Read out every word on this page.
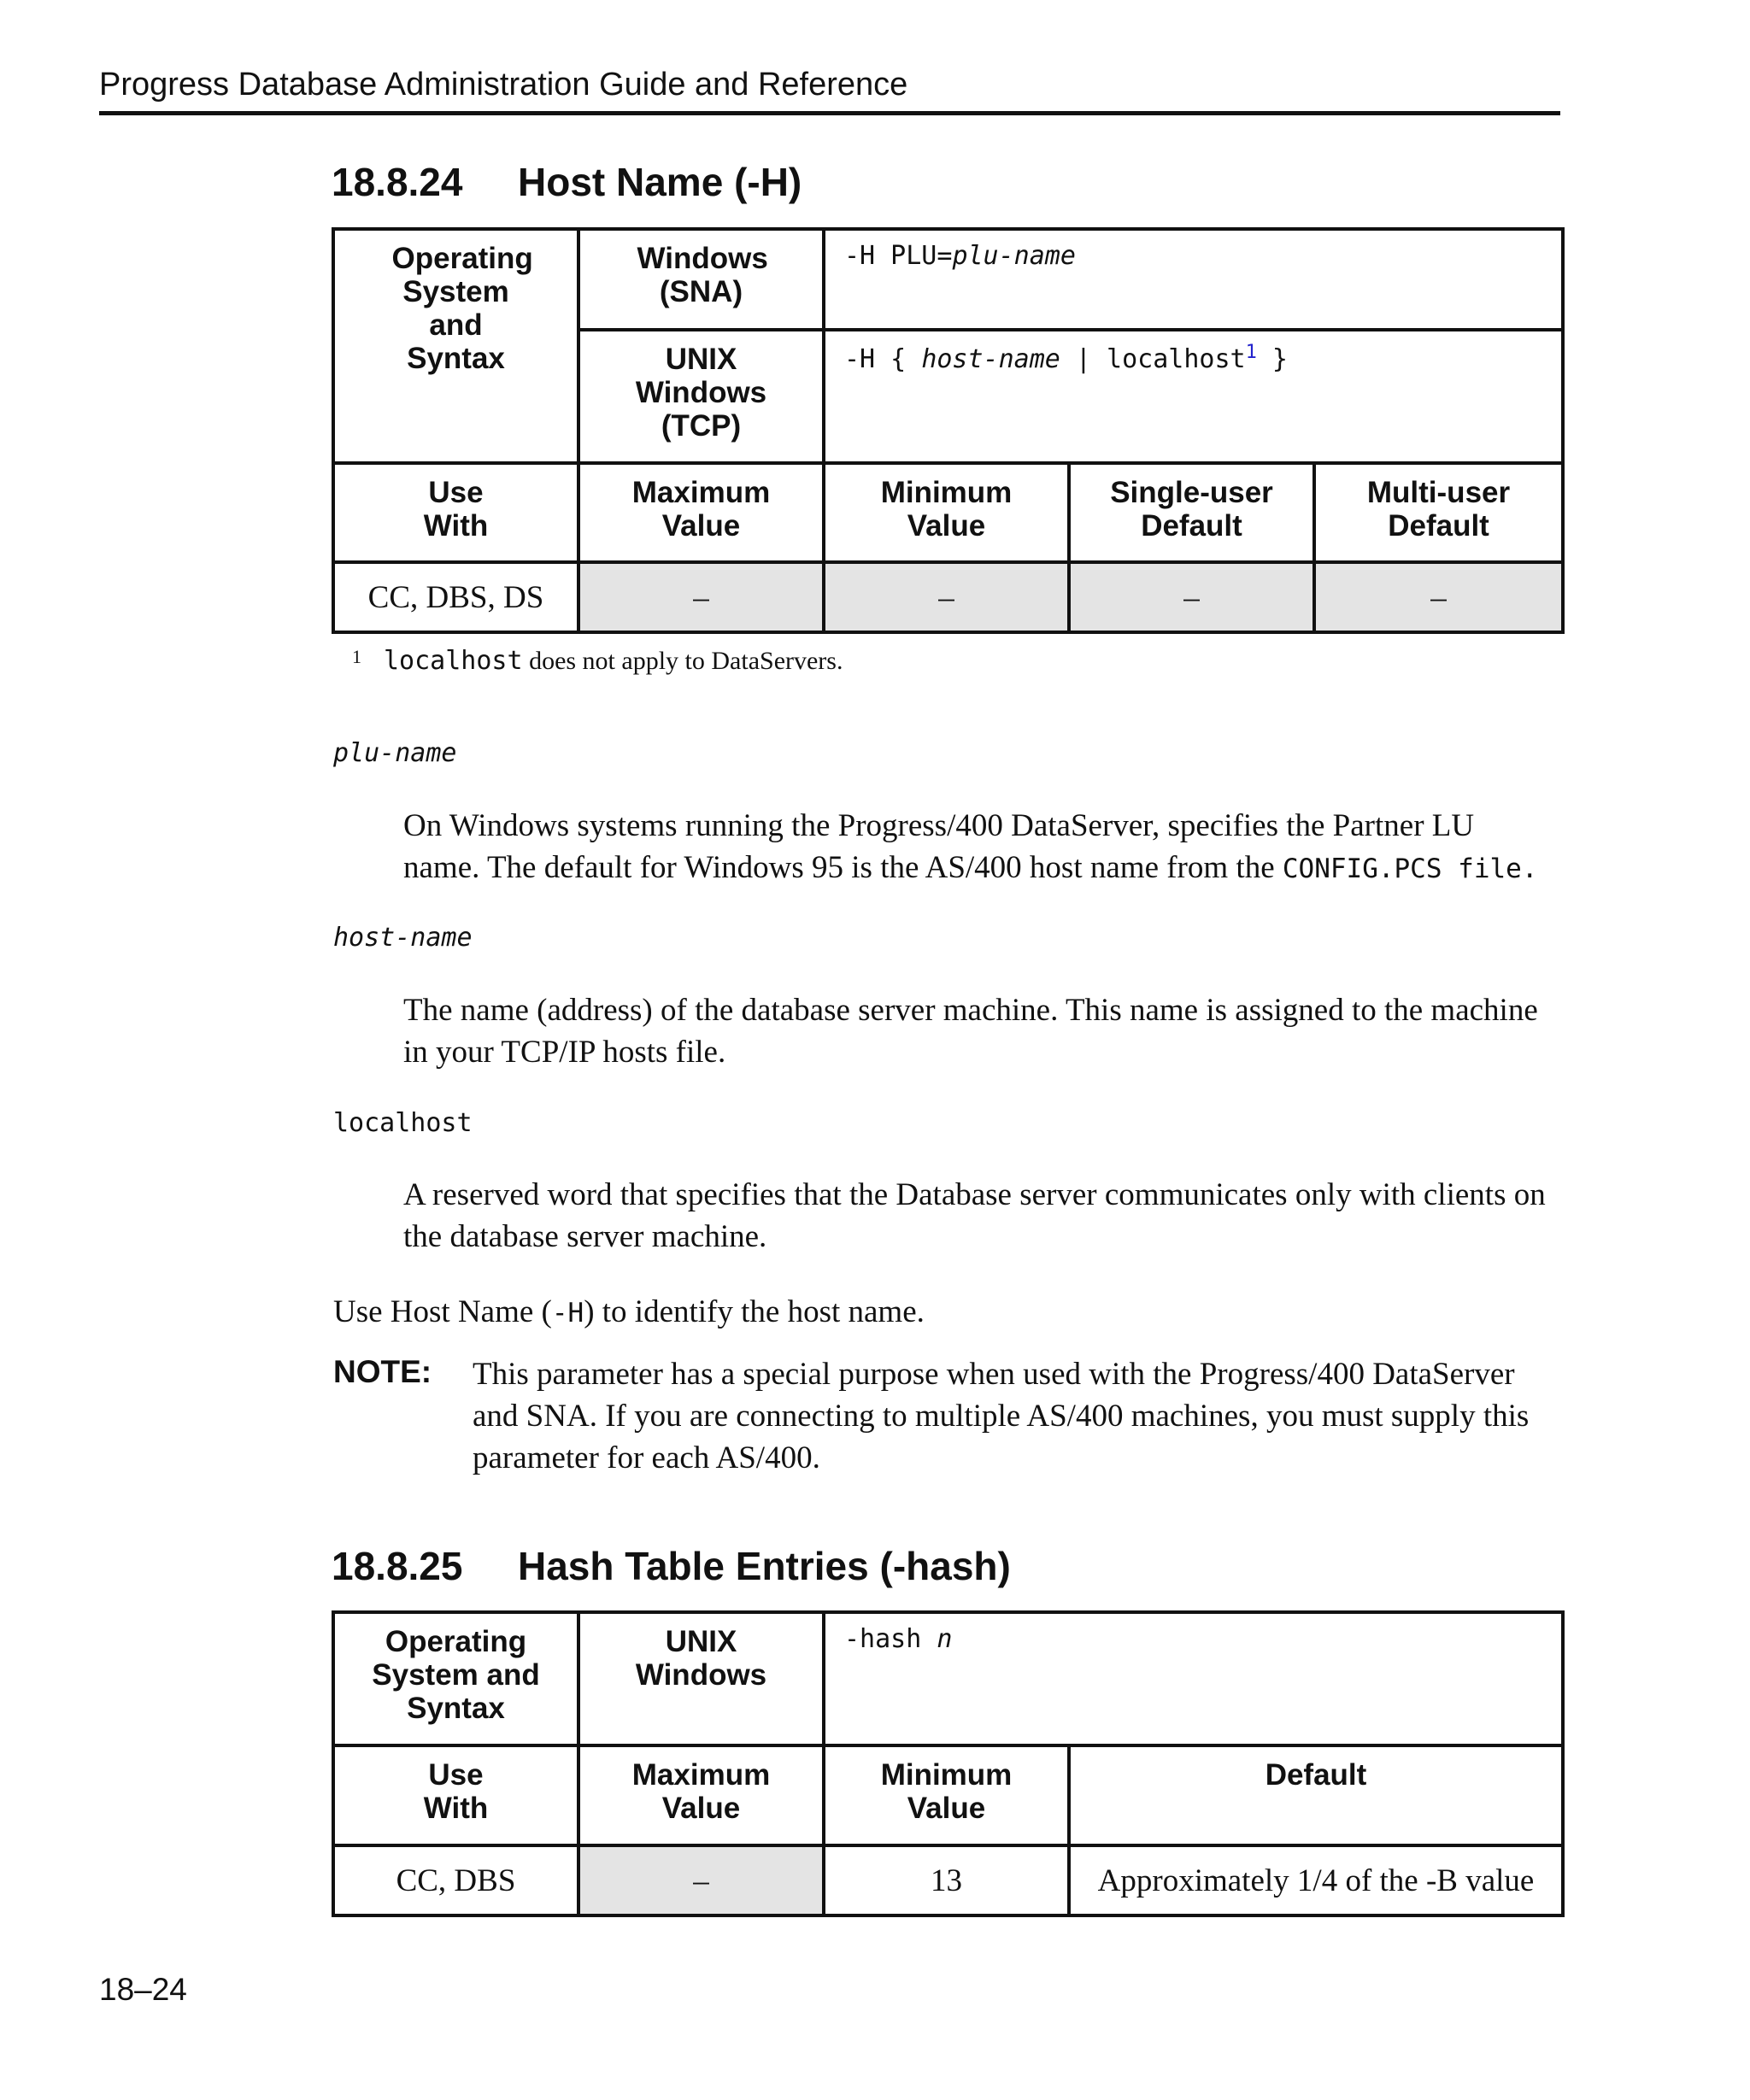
Progress Database Administration Guide and Reference
18.8.24 Host Name (-H)
Operating System and Syntax	Windows (SNA)	-H PLU=plu-name		

	UNIX Windows (TCP)	-H { host-name | localhost$^1$ }		

Use With	Maximum Value	Minimum Value	Single-user Default	Multi-user Default

CC, DBS, DS	–	–	–	–
$^1$ localhost does not apply to DataServers.
plu-name
On Windows systems running the Progress/400 DataServer, specifies the Partner LU
name. The default for Windows 95 is the AS/400 host name from the CONFIG.PCS file.
host-name
The name (address) of the database server machine. This name is assigned to the machine
in your TCP/IP hosts file.
localhost
A reserved word that specifies that the Database server communicates only with clients on
the database server machine.
Use Host Name (-H) to identify the host name.
NOTE: This parameter has a special purpose when used with the Progress/400 DataServer
and SNA. If you are connecting to multiple AS/400 machines, you must supply this
parameter for each AS/400.
18.8.25 Hash Table Entries (-hash)
Operating System and Syntax	UNIX Windows	-hash n	

Use With	Maximum Value	Minimum Value	Default
CC, DBS	–	13	Approximately 1/4 of the -B value
18–24
